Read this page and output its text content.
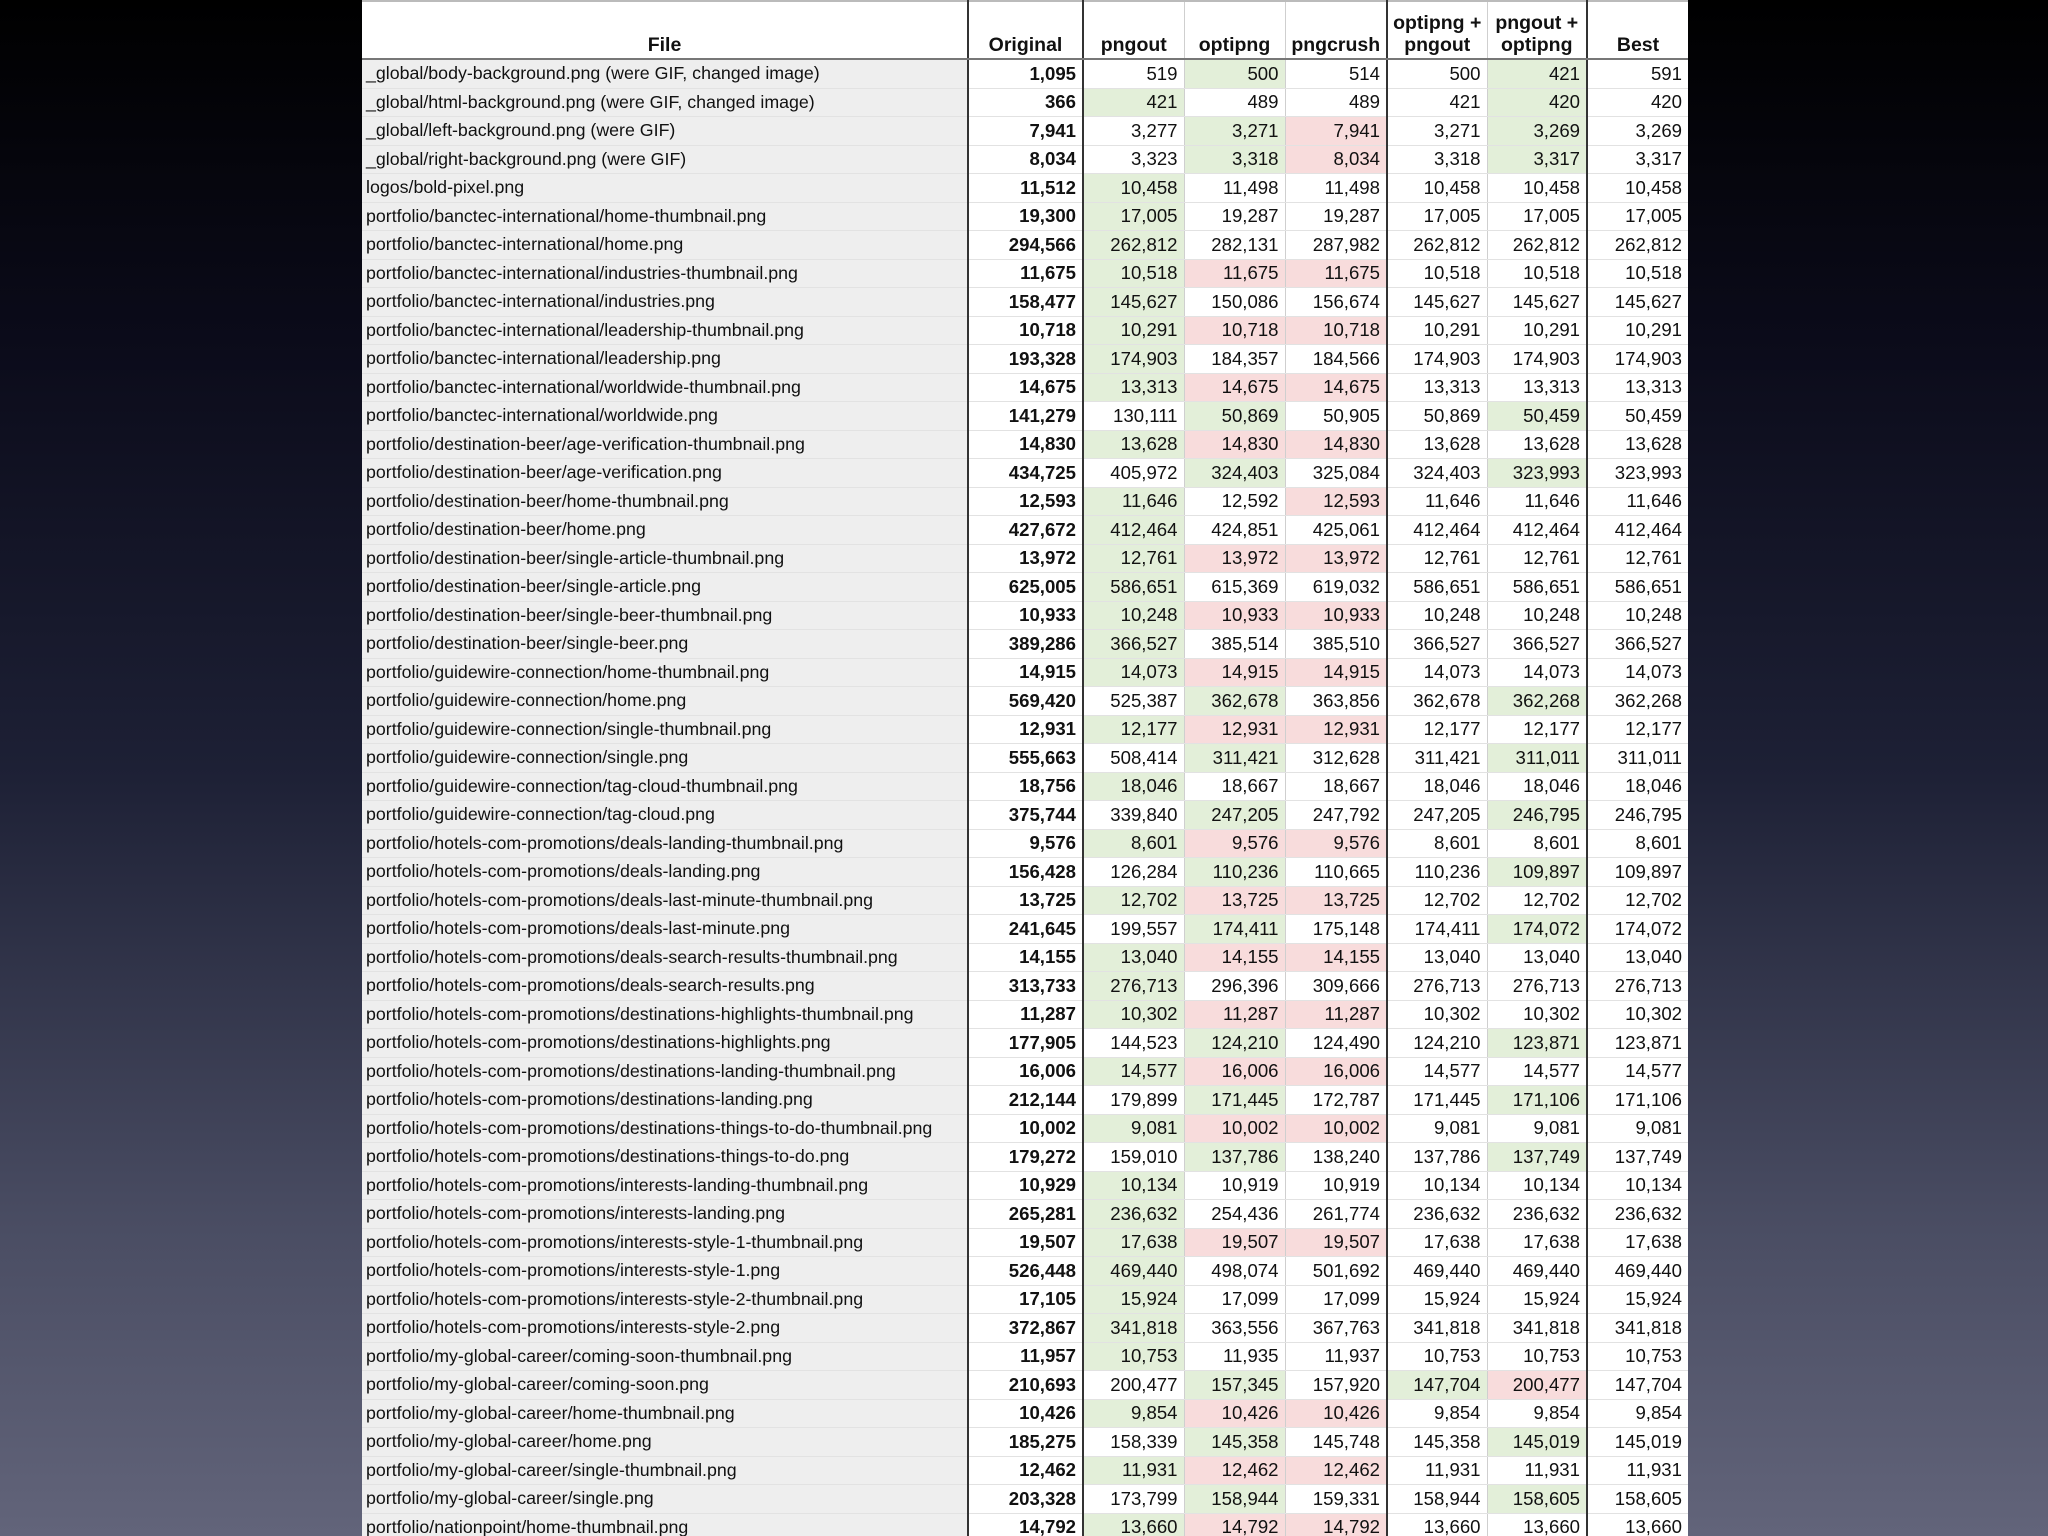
File	Original	pngout	optipng	pngcrush	optipng + pngout	pngout + optipng	Best
_global/body-background.png (were GIF, changed image)	1,095	519	500	514	500	421	591
_global/html-background.png (were GIF, changed image)	366	421	489	489	421	420	420
_global/left-background.png (were GIF)	7,941	3,277	3,271	7,941	3,271	3,269	3,269
_global/right-background.png (were GIF)	8,034	3,323	3,318	8,034	3,318	3,317	3,317
logos/bold-pixel.png	11,512	10,458	11,498	11,498	10,458	10,458	10,458
portfolio/banctec-international/home-thumbnail.png	19,300	17,005	19,287	19,287	17,005	17,005	17,005
portfolio/banctec-international/home.png	294,566	262,812	282,131	287,982	262,812	262,812	262,812
portfolio/banctec-international/industries-thumbnail.png	11,675	10,518	11,675	11,675	10,518	10,518	10,518
portfolio/banctec-international/industries.png	158,477	145,627	150,086	156,674	145,627	145,627	145,627
portfolio/banctec-international/leadership-thumbnail.png	10,718	10,291	10,718	10,718	10,291	10,291	10,291
portfolio/banctec-international/leadership.png	193,328	174,903	184,357	184,566	174,903	174,903	174,903
portfolio/banctec-international/worldwide-thumbnail.png	14,675	13,313	14,675	14,675	13,313	13,313	13,313
portfolio/banctec-international/worldwide.png	141,279	130,111	50,869	50,905	50,869	50,459	50,459
portfolio/destination-beer/age-verification-thumbnail.png	14,830	13,628	14,830	14,830	13,628	13,628	13,628
portfolio/destination-beer/age-verification.png	434,725	405,972	324,403	325,084	324,403	323,993	323,993
portfolio/destination-beer/home-thumbnail.png	12,593	11,646	12,592	12,593	11,646	11,646	11,646
portfolio/destination-beer/home.png	427,672	412,464	424,851	425,061	412,464	412,464	412,464
portfolio/destination-beer/single-article-thumbnail.png	13,972	12,761	13,972	13,972	12,761	12,761	12,761
portfolio/destination-beer/single-article.png	625,005	586,651	615,369	619,032	586,651	586,651	586,651
portfolio/destination-beer/single-beer-thumbnail.png	10,933	10,248	10,933	10,933	10,248	10,248	10,248
portfolio/destination-beer/single-beer.png	389,286	366,527	385,514	385,510	366,527	366,527	366,527
portfolio/guidewire-connection/home-thumbnail.png	14,915	14,073	14,915	14,915	14,073	14,073	14,073
portfolio/guidewire-connection/home.png	569,420	525,387	362,678	363,856	362,678	362,268	362,268
portfolio/guidewire-connection/single-thumbnail.png	12,931	12,177	12,931	12,931	12,177	12,177	12,177
portfolio/guidewire-connection/single.png	555,663	508,414	311,421	312,628	311,421	311,011	311,011
portfolio/guidewire-connection/tag-cloud-thumbnail.png	18,756	18,046	18,667	18,667	18,046	18,046	18,046
portfolio/guidewire-connection/tag-cloud.png	375,744	339,840	247,205	247,792	247,205	246,795	246,795
portfolio/hotels-com-promotions/deals-landing-thumbnail.png	9,576	8,601	9,576	9,576	8,601	8,601	8,601
portfolio/hotels-com-promotions/deals-landing.png	156,428	126,284	110,236	110,665	110,236	109,897	109,897
portfolio/hotels-com-promotions/deals-last-minute-thumbnail.png	13,725	12,702	13,725	13,725	12,702	12,702	12,702
portfolio/hotels-com-promotions/deals-last-minute.png	241,645	199,557	174,411	175,148	174,411	174,072	174,072
portfolio/hotels-com-promotions/deals-search-results-thumbnail.png	14,155	13,040	14,155	14,155	13,040	13,040	13,040
portfolio/hotels-com-promotions/deals-search-results.png	313,733	276,713	296,396	309,666	276,713	276,713	276,713
portfolio/hotels-com-promotions/destinations-highlights-thumbnail.png	11,287	10,302	11,287	11,287	10,302	10,302	10,302
portfolio/hotels-com-promotions/destinations-highlights.png	177,905	144,523	124,210	124,490	124,210	123,871	123,871
portfolio/hotels-com-promotions/destinations-landing-thumbnail.png	16,006	14,577	16,006	16,006	14,577	14,577	14,577
portfolio/hotels-com-promotions/destinations-landing.png	212,144	179,899	171,445	172,787	171,445	171,106	171,106
portfolio/hotels-com-promotions/destinations-things-to-do-thumbnail.png	10,002	9,081	10,002	10,002	9,081	9,081	9,081
portfolio/hotels-com-promotions/destinations-things-to-do.png	179,272	159,010	137,786	138,240	137,786	137,749	137,749
portfolio/hotels-com-promotions/interests-landing-thumbnail.png	10,929	10,134	10,919	10,919	10,134	10,134	10,134
portfolio/hotels-com-promotions/interests-landing.png	265,281	236,632	254,436	261,774	236,632	236,632	236,632
portfolio/hotels-com-promotions/interests-style-1-thumbnail.png	19,507	17,638	19,507	19,507	17,638	17,638	17,638
portfolio/hotels-com-promotions/interests-style-1.png	526,448	469,440	498,074	501,692	469,440	469,440	469,440
portfolio/hotels-com-promotions/interests-style-2-thumbnail.png	17,105	15,924	17,099	17,099	15,924	15,924	15,924
portfolio/hotels-com-promotions/interests-style-2.png	372,867	341,818	363,556	367,763	341,818	341,818	341,818
portfolio/my-global-career/coming-soon-thumbnail.png	11,957	10,753	11,935	11,937	10,753	10,753	10,753
portfolio/my-global-career/coming-soon.png	210,693	200,477	157,345	157,920	147,704	200,477	147,704
portfolio/my-global-career/home-thumbnail.png	10,426	9,854	10,426	10,426	9,854	9,854	9,854
portfolio/my-global-career/home.png	185,275	158,339	145,358	145,748	145,358	145,019	145,019
portfolio/my-global-career/single-thumbnail.png	12,462	11,931	12,462	12,462	11,931	11,931	11,931
portfolio/my-global-career/single.png	203,328	173,799	158,944	159,331	158,944	158,605	158,605
portfolio/nationpoint/home-thumbnail.png	14,792	13,660	14,792	14,792	13,660	13,660	13,660
